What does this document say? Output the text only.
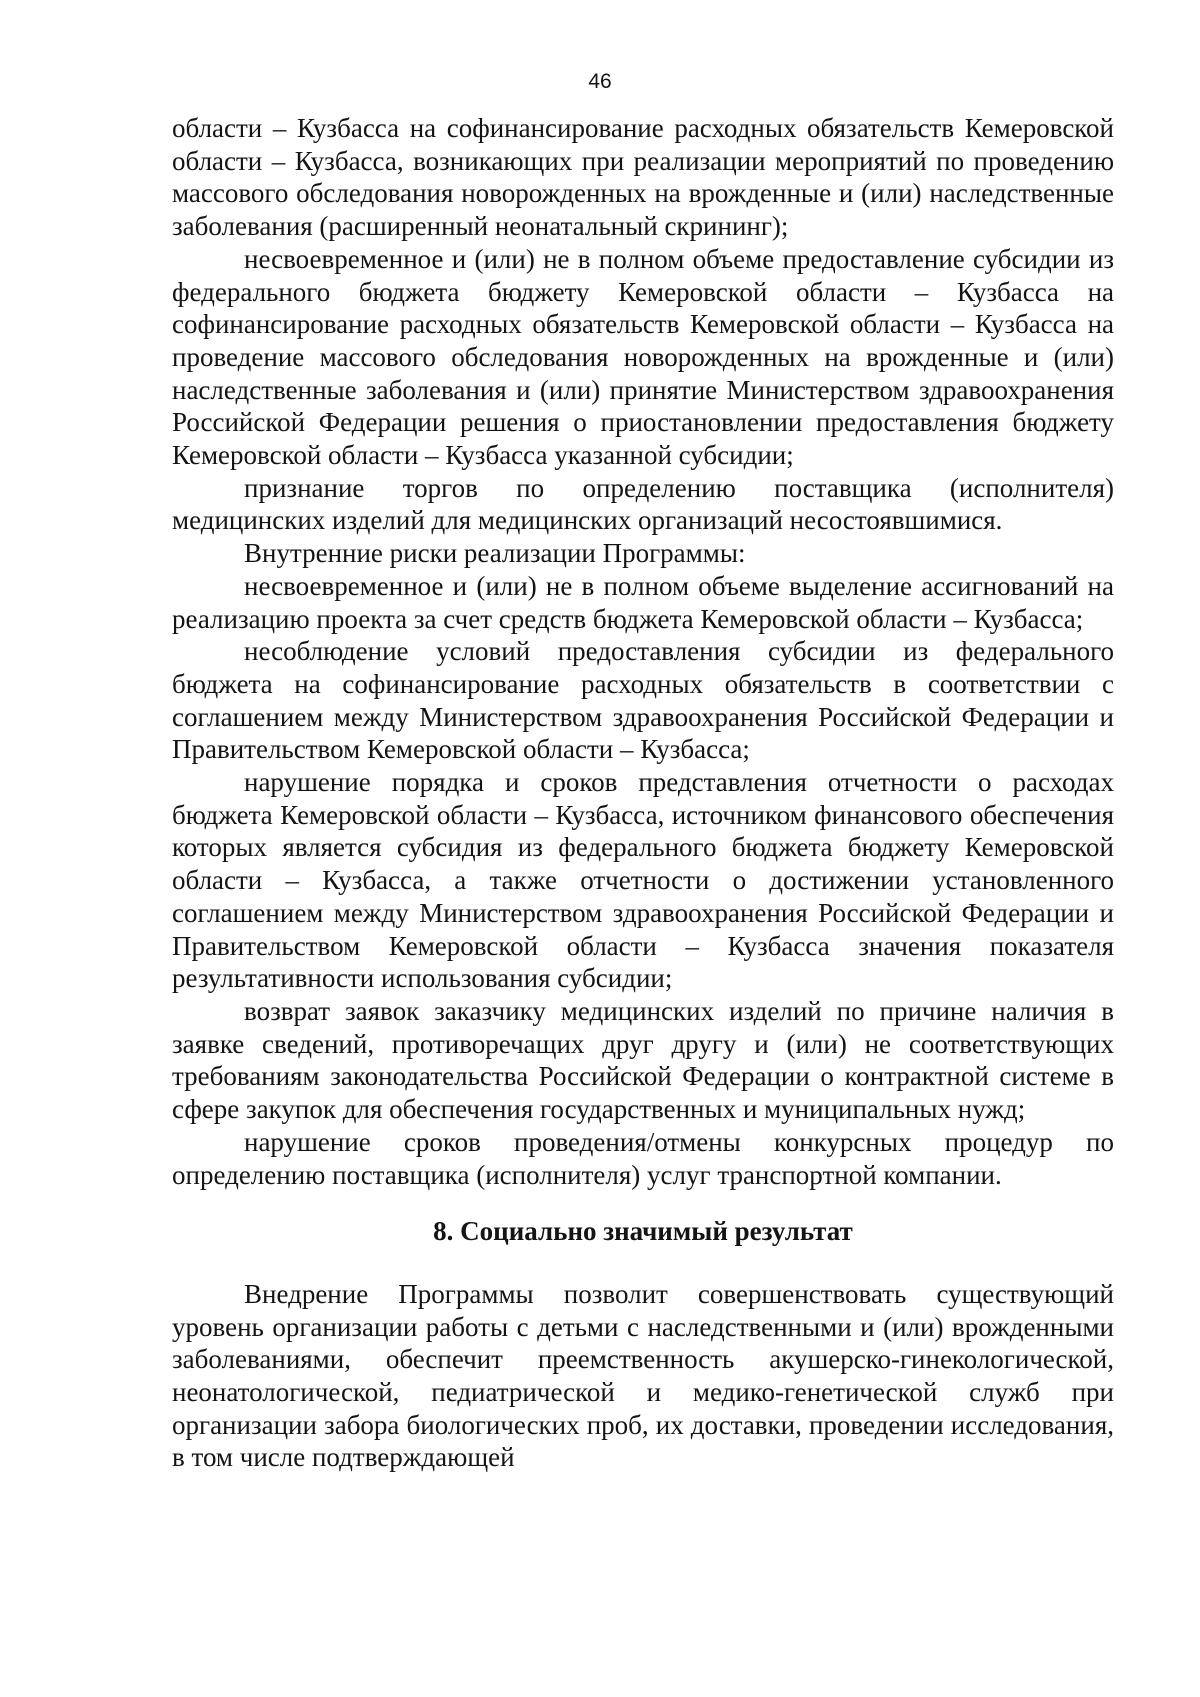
46

области – Кузбасса на софинансирование расходных обязательств Кемеровской области – Кузбасса, возникающих при реализации мероприятий по проведению массового обследования новорожденных на врожденные и (или) наследственные заболевания (расширенный неонатальный скрининг);

несвоевременное и (или) не в полном объеме предоставление субсидии из федерального бюджета бюджету Кемеровской области – Кузбасса на софинансирование расходных обязательств Кемеровской области – Кузбасса на проведение массового обследования новорожденных на врожденные и (или) наследственные заболевания и (или) принятие Министерством здравоохранения Российской Федерации решения о приостановлении предоставления бюджету Кемеровской области – Кузбасса указанной субсидии;

признание торгов по определению поставщика (исполнителя) медицинских изделий для медицинских организаций несостоявшимися.

Внутренние риски реализации Программы:

несвоевременное и (или) не в полном объеме выделение ассигнований на реализацию проекта за счет средств бюджета Кемеровской области – Кузбасса;

несоблюдение условий предоставления субсидии из федерального бюджета на софинансирование расходных обязательств в соответствии с соглашением между Министерством здравоохранения Российской Федерации и Правительством Кемеровской области – Кузбасса;

нарушение порядка и сроков представления отчетности о расходах бюджета Кемеровской области – Кузбасса, источником финансового обеспечения которых является субсидия из федерального бюджета бюджету Кемеровской области – Кузбасса, а также отчетности о достижении установленного соглашением между Министерством здравоохранения Российской Федерации и Правительством Кемеровской области – Кузбасса значения показателя результативности использования субсидии;

возврат заявок заказчику медицинских изделий по причине наличия в заявке сведений, противоречащих друг другу и (или) не соответствующих требованиям законодательства Российской Федерации о контрактной системе в сфере закупок для обеспечения государственных и муниципальных нужд;

нарушение сроков проведения/отмены конкурсных процедур по определению поставщика (исполнителя) услуг транспортной компании.

8. Социально значимый результат

Внедрение Программы позволит совершенствовать существующий уровень организации работы с детьми с наследственными и (или) врожденными заболеваниями, обеспечит преемственность акушерско-гинекологической, неонатологической, педиатрической и медико-генетической служб при организации забора биологических проб, их доставки, проведении исследования, в том числе подтверждающей
